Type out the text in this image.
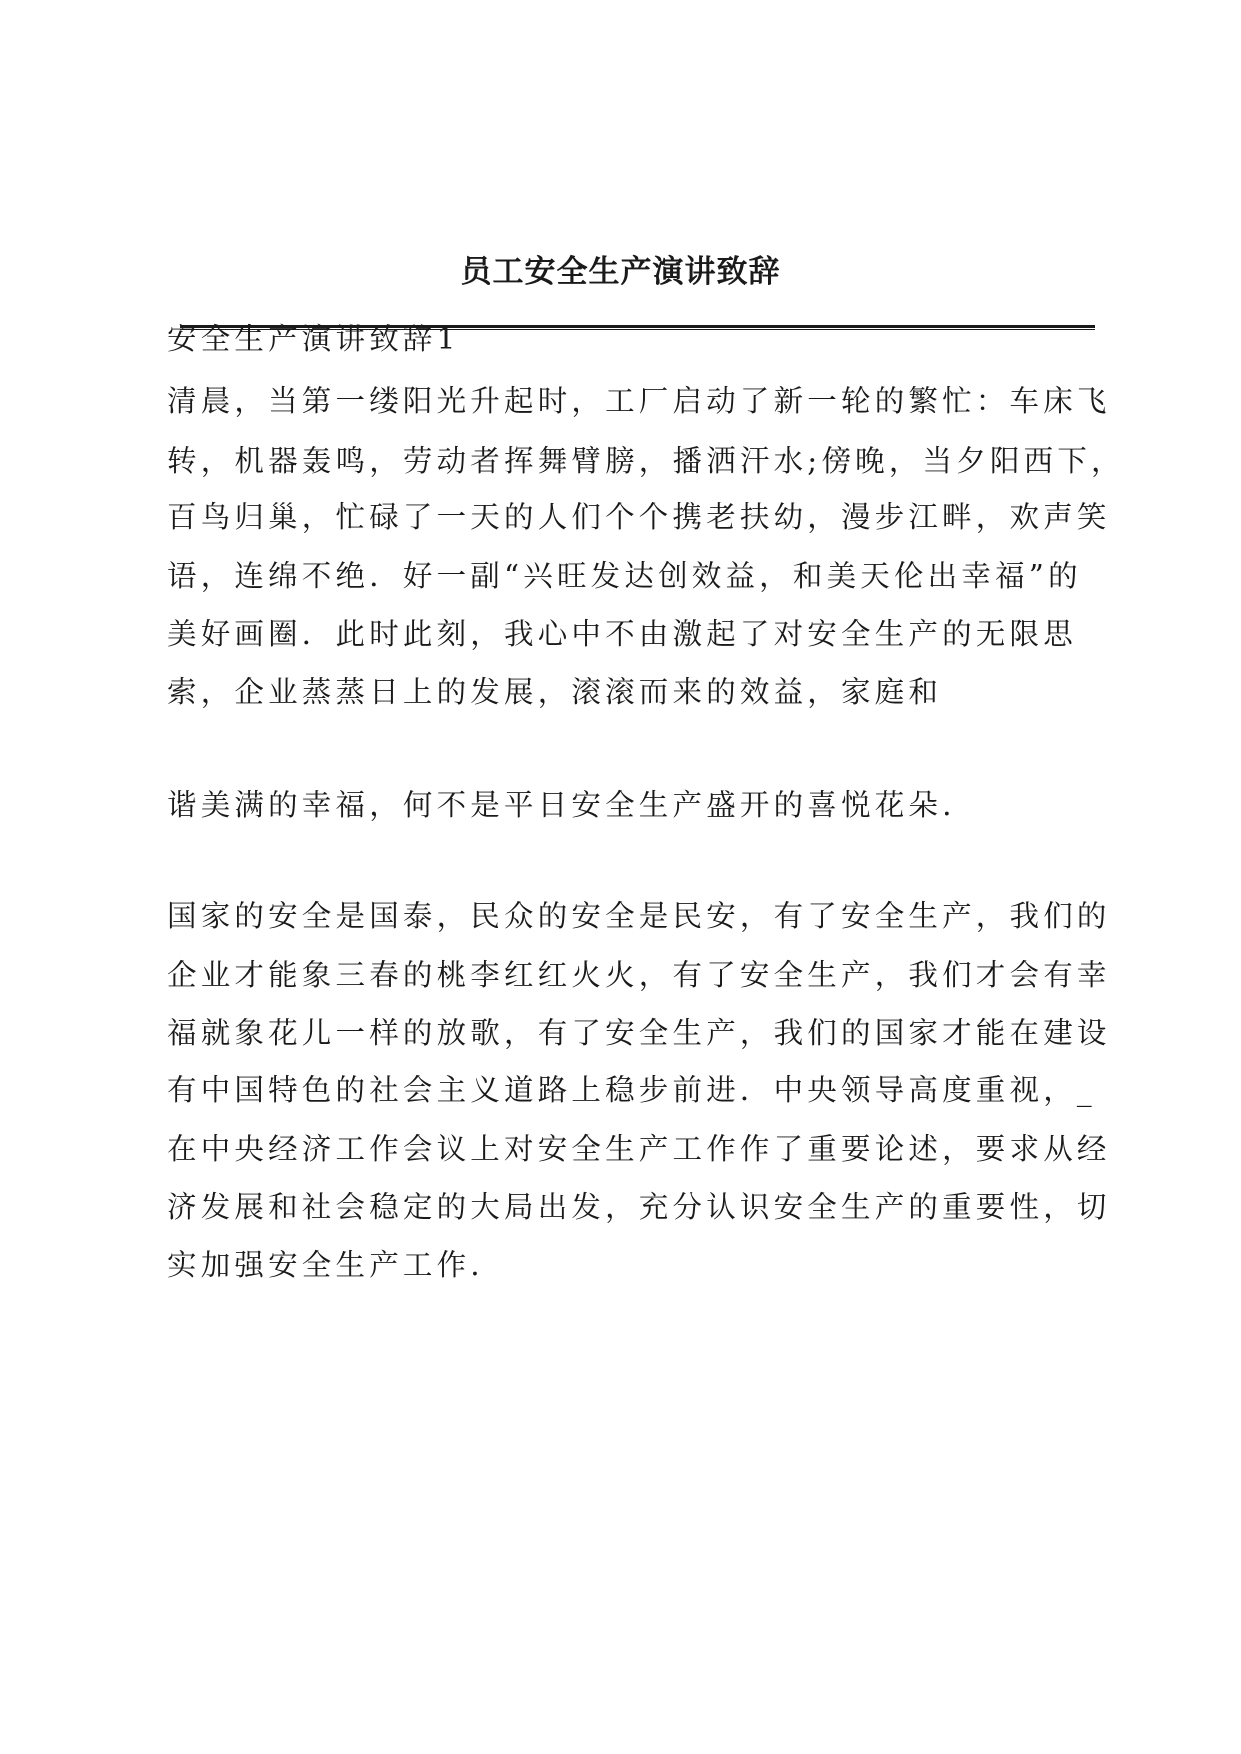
员工安全生产演讲致辞

安全生产演讲致辞1

清晨，当第一缕阳光升起时，工厂启动了新一轮的繁忙：车床飞

转，机器轰鸣，劳动者挥舞臂膀，播洒汗水;傍晚，当夕阳西下，

百鸟归巢，忙碌了一天的人们个个携老扶幼，漫步江畔，欢声笑

语，连绵不绝．好一副“兴旺发达创效益，和美天伦出幸福”的

美好画圈．此时此刻，我心中不由激起了对安全生产的无限思

索，企业蒸蒸日上的发展，滚滚而来的效益，家庭和

谐美满的幸福，何不是平日安全生产盛开的喜悦花朵.

国家的安全是国泰，民众的安全是民安，有了安全生产，我们的

企业才能象三春的桃李红红火火，有了安全生产，我们才会有幸

福就象花儿一样的放歌，有了安全生产，我们的国家才能在建设

有中国特色的社会主义道路上稳步前进．中央领导高度重视，_

在中央经济工作会议上对安全生产工作作了重要论述，要求从经

济发展和社会稳定的大局出发，充分认识安全生产的重要性，切

实加强安全生产工作.
